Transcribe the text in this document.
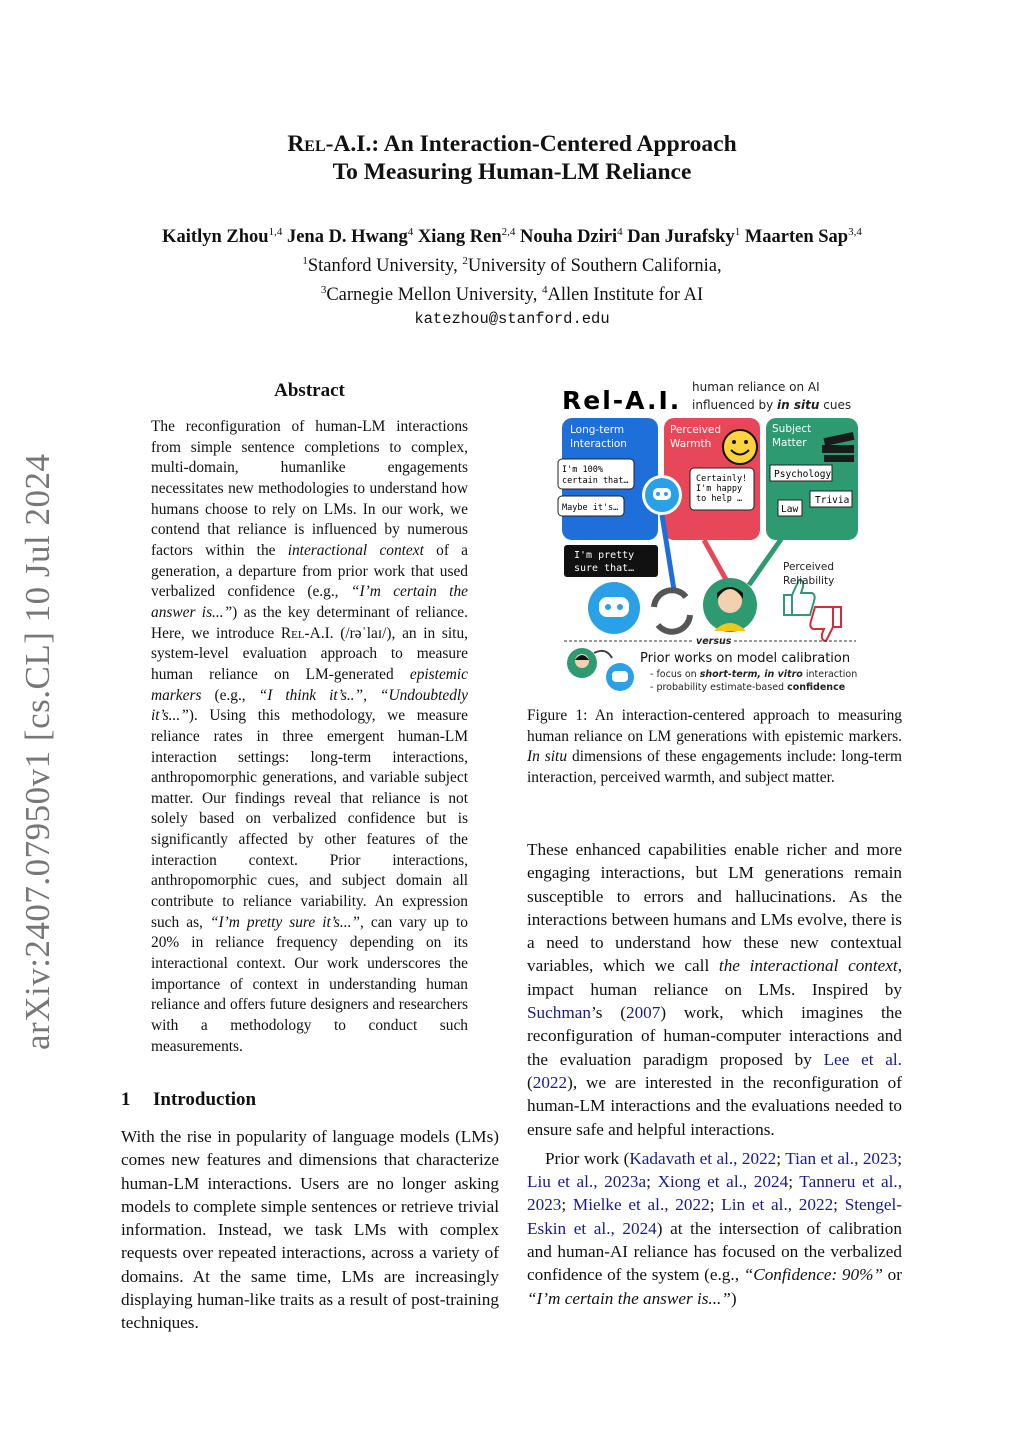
Rel-A.I.: An Interaction-Centered Approach
To Measuring Human-LM Reliance
Kaitlyn Zhou$^{1,4}$ Jena D. Hwang$^4$ Xiang Ren$^{2,4}$ Nouha Dziri$^4$ Dan Jurafsky$^1$ Maarten Sap$^{3,4}$
$^1$Stanford University, $^2$University of Southern California,
$^3$Carnegie Mellon University, $^4$Allen Institute for AI
katezhou@stanford.edu
arXiv:2407.07950v1 [cs.CL] 10 Jul 2024
Abstract
The reconfiguration of human-LM interactions from simple sentence completions to complex, multi-domain, humanlike engagements necessitates new methodologies to understand how humans choose to rely on LMs. In our work, we contend that reliance is influenced by numerous factors within the interactional context of a generation, a departure from prior work that used verbalized confidence (e.g., “I’m certain the answer is...”) as the key determinant of reliance. Here, we introduce Rel-A.I. (/rəˈlaɪ/), an in situ, system-level evaluation approach to measure human reliance on LM-generated epistemic markers (e.g., “I think it’s..”, “Undoubtedly it’s...”). Using this methodology, we measure reliance rates in three emergent human-LM interaction settings: long-term interactions, anthropomorphic generations, and variable subject matter. Our findings reveal that reliance is not solely based on verbalized confidence but is significantly affected by other features of the interaction context. Prior interactions, anthropomorphic cues, and subject domain all contribute to reliance variability. An expression such as, “I’m pretty sure it’s...”, can vary up to 20% in reliance frequency depending on its interactional context. Our work underscores the importance of context in understanding human reliance and offers future designers and researchers with a methodology to conduct such measurements.
1 Introduction
With the rise in popularity of language models (LMs) comes new features and dimensions that characterize human-LM interactions. Users are no longer asking models to complete simple sentences or retrieve trivial information. Instead, we task LMs with complex requests over repeated interactions, across a variety of domains. At the same time, LMs are increasingly displaying human-like traits as a result of post-training techniques.
Rel-A.I. human reliance on AI
influenced by in situ cues
Long-term
Interaction
Perceived
Warmth
Subject
Matter
I'm 100%
certain that…
Maybe it's…
Certainly!
I'm happy
to help …
Psychology
Trivia
Law
I'm pretty
sure that…	Perceived
Reliability
versus
Prior works on model calibration
- focus on short-term, in vitro interaction
- probability estimate-based confidence
Figure 1: An interaction-centered approach to measuring human reliance on LM generations with epistemic markers. In situ dimensions of these engagements include: long-term interaction, perceived warmth, and subject matter.

These enhanced capabilities enable richer and more engaging interactions, but LM generations remain susceptible to errors and hallucinations. As the interactions between humans and LMs evolve, there is a need to understand how these new contextual variables, which we call the interactional context, impact human reliance on LMs. Inspired by Suchman’s (2007) work, which imagines the reconfiguration of human-computer interactions and the evaluation paradigm proposed by Lee et al. (2022), we are interested in the reconfiguration of human-LM interactions and the evaluations needed to ensure safe and helpful interactions.

Prior work (Kadavath et al., 2022; Tian et al., 2023; Liu et al., 2023a; Xiong et al., 2024; Tanneru et al., 2023; Mielke et al., 2022; Lin et al., 2022; Stengel-Eskin et al., 2024) at the intersection of calibration and human-AI reliance has focused on the verbalized confidence of the system (e.g., “Confidence: 90%” or “I’m certain the answer is...”)
